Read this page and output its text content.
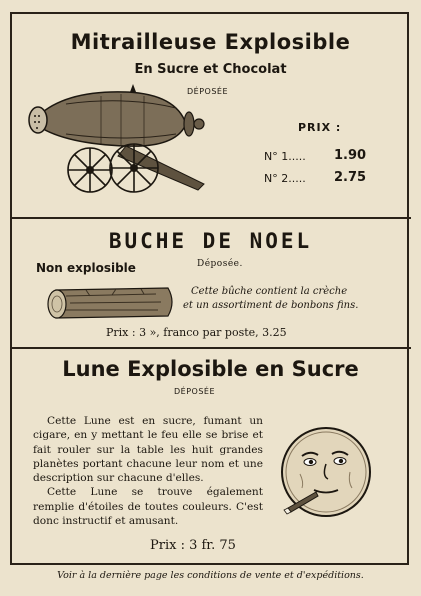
Mitrailleuse Explosible
En Sucre et Chocolat
DÉPOSÉE
PRIX :
N° 1..... 1.90
N° 2..... 2.75
BUCHE DE NOEL
Non explosible	Déposée.
Cette bûche contient la crèche
et un assortiment de bonbons fins.
Prix : 3 », franco par poste, 3.25
Lune Explosible en Sucre
DÉPOSÉE

Cette Lune est en sucre, fumant un cigare, en y mettant le feu elle se brise et fait rouler sur la table les huit grandes planètes portant chacune leur nom et une description sur chacune d'elles.

Cette Lune se trouve également remplie d'étoiles de toutes couleurs. C'est donc instructif et amusant.

Prix : 3 fr. 75
Voir à la dernière page les conditions de vente et d'expéditions.
